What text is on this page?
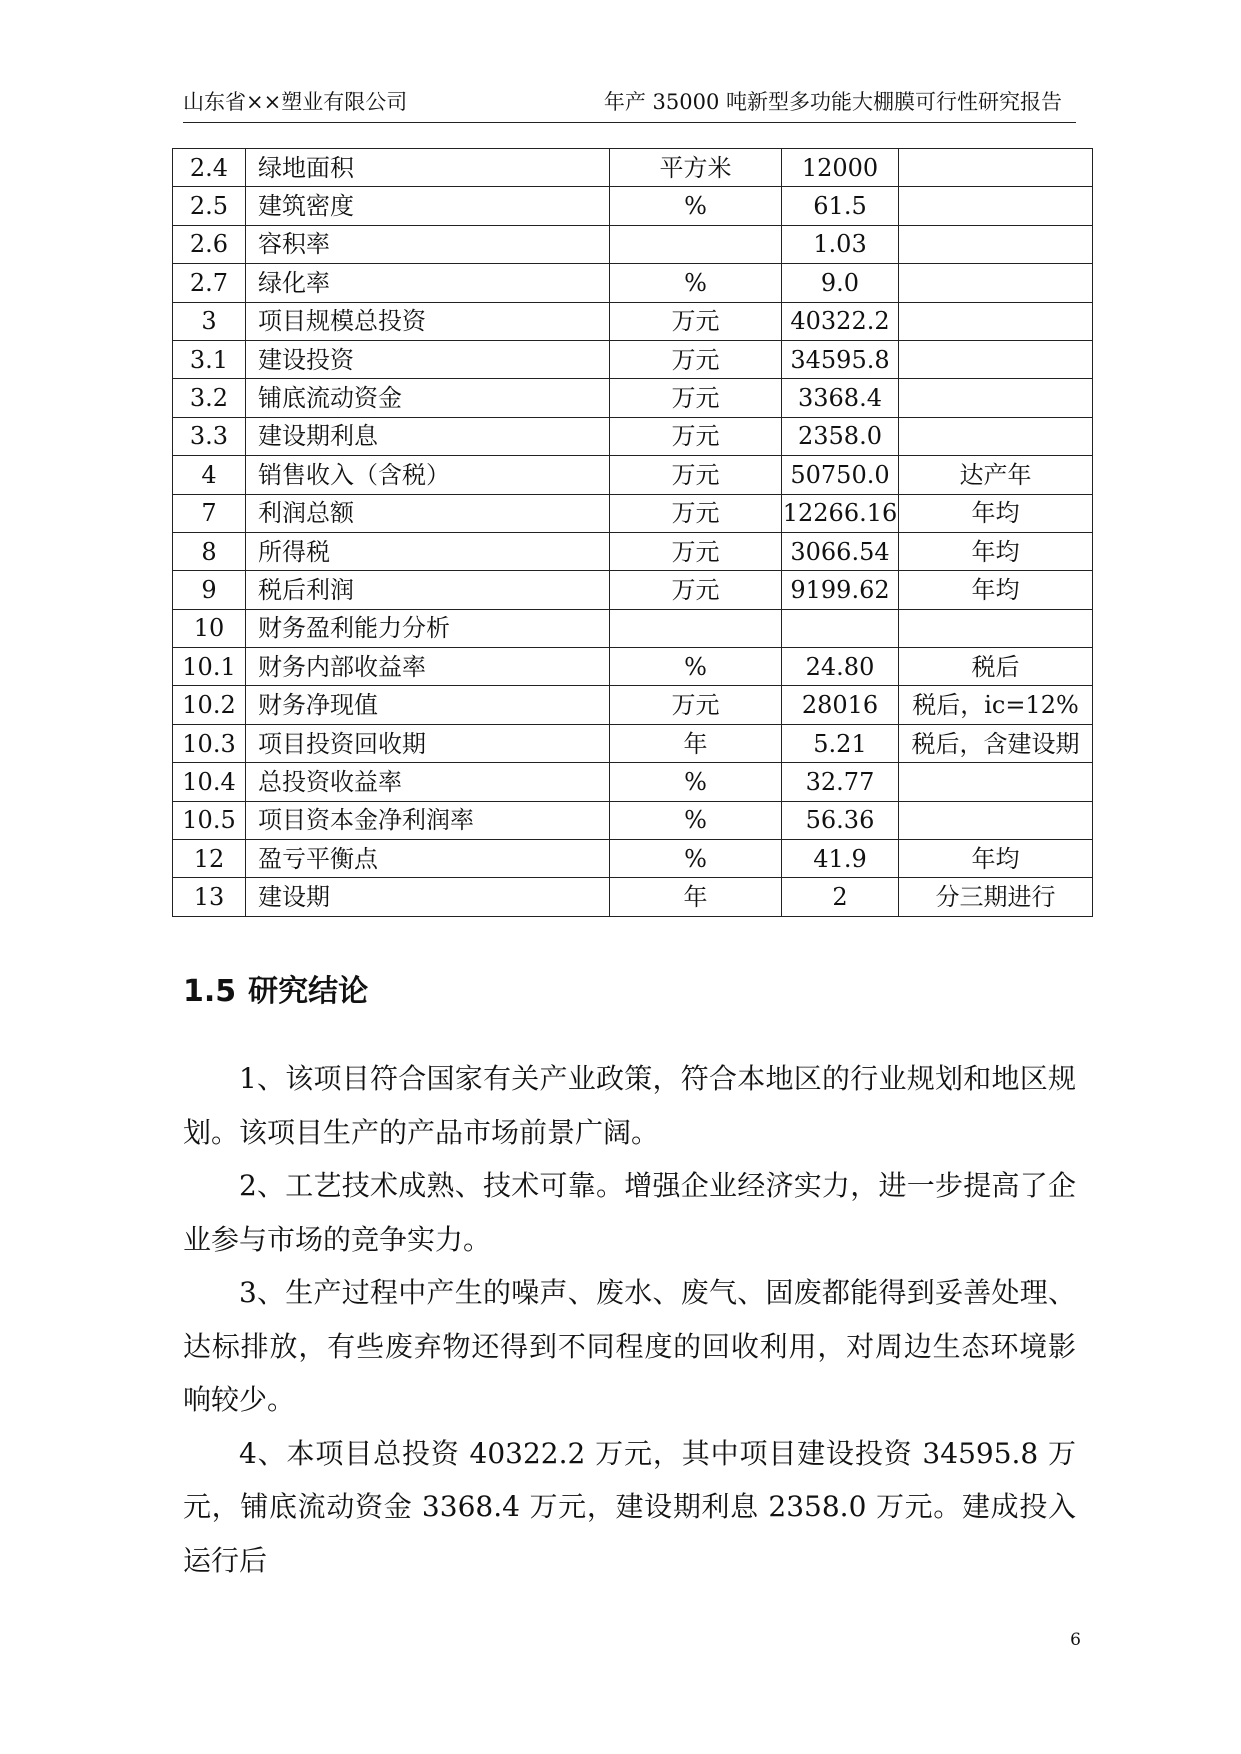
山东省××塑业有限公司	年产 35000 吨新型多功能大棚膜可行性研究报告
2.4	绿地面积	平方米	12000	
2.5	建筑密度	%	61.5	
2.6	容积率		1.03	
2.7	绿化率	%	9.0	
3	项目规模总投资	万元	40322.2	
3.1	建设投资	万元	34595.8	
3.2	铺底流动资金	万元	3368.4	
3.3	建设期利息	万元	2358.0	
4	销售收入（含税）	万元	50750.0	达产年
7	利润总额	万元	12266.16	年均
8	所得税	万元	3066.54	年均
9	税后利润	万元	9199.62	年均
10	财务盈利能力分析			
10.1	财务内部收益率	%	24.80	税后
10.2	财务净现值	万元	28016	税后，ic=12%
10.3	项目投资回收期	年	5.21	税后，含建设期
10.4	总投资收益率	%	32.77	
10.5	项目资本金净利润率	%	56.36	
12	盈亏平衡点	%	41.9	年均
13	建设期	年	2	分三期进行
1.5 研究结论

1、该项目符合国家有关产业政策，符合本地区的行业规划和地区规划。该项目生产的产品市场前景广阔。

2、工艺技术成熟、技术可靠。增强企业经济实力，进一步提高了企业参与市场的竞争实力。

3、生产过程中产生的噪声、废水、废气、固废都能得到妥善处理、达标排放，有些废弃物还得到不同程度的回收利用，对周边生态环境影响较少。

4、本项目总投资 40322.2 万元，其中项目建设投资 34595.8 万元，铺底流动资金 3368.4 万元，建设期利息 2358.0 万元。建成投入运行后

6
